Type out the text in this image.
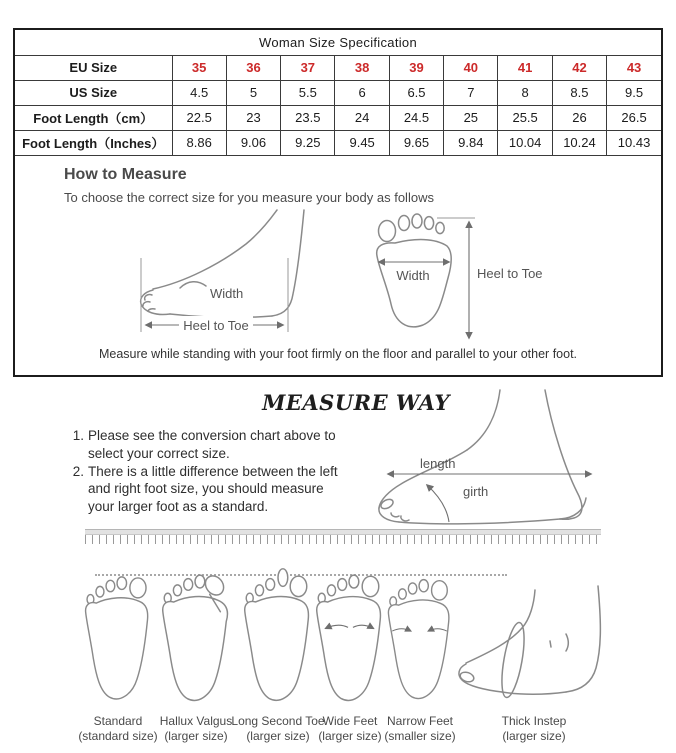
Woman Size Specification									
EU Size	35	36	37	38	39	40	41	42	43
US Size	4.5	5	5.5	6	6.5	7	8	8.5	9.5
Foot Length（cm）	22.5	23	23.5	24	24.5	25	25.5	26	26.5
Foot Length（Inches）	8.86	9.06	9.25	9.45	9.65	9.84	10.04	10.24	10.43
How to Measure
To choose the correct size for you measure your body as follows
Heel to Toe
Width
Width	Heel to Toe
Measure while standing with your foot firmly on the floor and parallel to your other foot.
MEASURE WAY
1. Please see the conversion chart above to select your correct size.
2. There is a little difference between the left and right foot size, you should measure your larger foot as a standard.
length
girth
Standard
(standard size)
Hallux Valgus
(larger size)
Long Second Toe
(larger size)
Wide Feet
(larger size)
Narrow Feet
(smaller size)
Thick Instep
(larger size)
